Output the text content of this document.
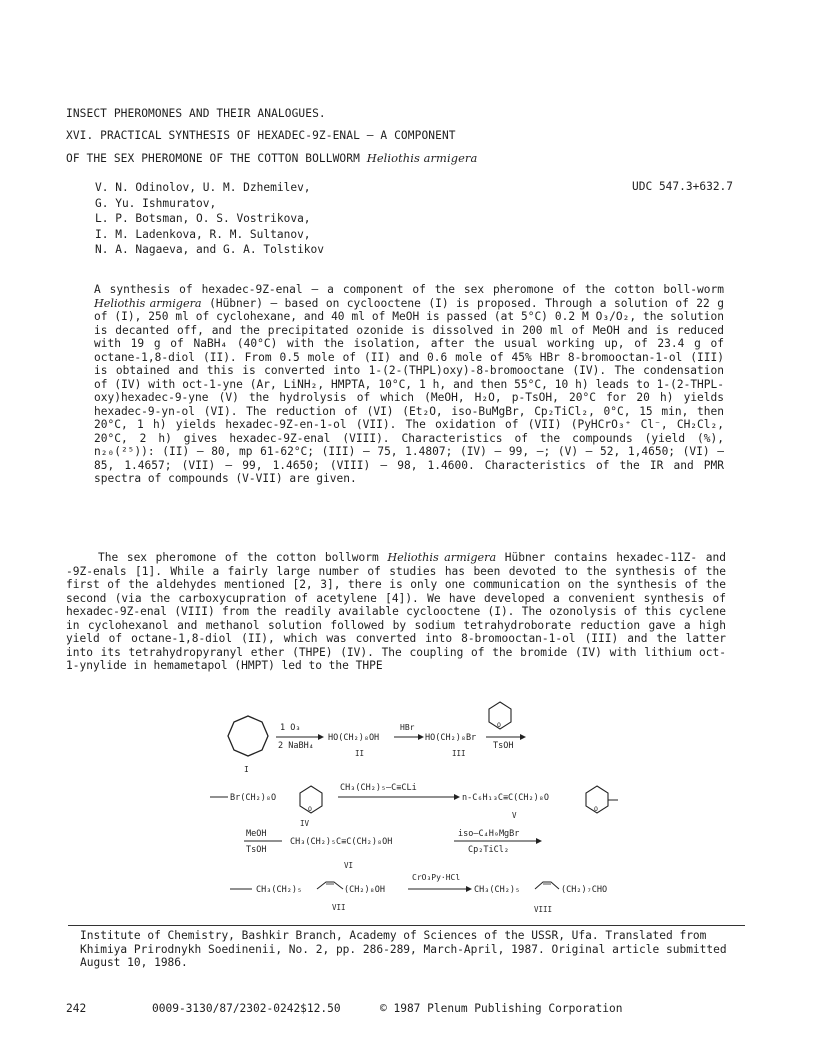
INSECT PHEROMONES AND THEIR ANALOGUES.
XVI. PRACTICAL SYNTHESIS OF HEXADEC-9Z-ENAL — A COMPONENT
OF THE SEX PHEROMONE OF THE COTTON BOLLWORM Heliothis armigera
V. N. Odinolov, U. M. Dzhemilev,
G. Yu. Ishmuratov,
L. P. Botsman, O. S. Vostrikova,
I. M. Ladenkova, R. M. Sultanov,
N. A. Nagaeva, and G. A. Tolstikov
UDC 547.3+632.7
A synthesis of hexadec-9Z-enal — a component of the sex pheromone of the cotton boll-worm Heliothis armigera (Hübner) — based on cyclooctene (I) is proposed. Through a solution of 22 g of (I), 250 ml of cyclohexane, and 40 ml of MeOH is passed (at 5°C) 0.2 M O₃/O₂, the solution is decanted off, and the precipitated ozonide is dissolved in 200 ml of MeOH and is reduced with 19 g of NaBH₄ (40°C) with the isolation, after the usual working up, of 23.4 g of octane-1,8-diol (II). From 0.5 mole of (II) and 0.6 mole of 45% HBr 8-bromooctan-1-ol (III) is obtained and this is converted into 1-(2-(THPL)oxy)-8-bromooctane (IV). The condensation of (IV) with oct-1-yne (Ar, LiNH₂, HMPTA, 10°C, 1 h, and then 55°C, 10 h) leads to 1-(2-THPL-oxy)hexadec-9-yne (V) the hydrolysis of which (MeOH, H₂O, p-TsOH, 20°C for 20 h) yields hexadec-9-yn-ol (VI). The reduction of (VI) (Et₂O, iso-BuMgBr, Cp₂TiCl₂, 0°C, 15 min, then 20°C, 1 h) yields hexadec-9Z-en-1-ol (VII). The oxidation of (VII) (PyHCrO₃⁺ Cl⁻, CH₂Cl₂, 20°C, 2 h) gives hexadec-9Z-enal (VIII). Characteristics of the compounds (yield (%), n₂₀(²⁵)): (II) — 80, mp 61-62°C; (III) — 75, 1.4807; (IV) — 99, –; (V) — 52, 1,4650; (VI) — 85, 1.4657; (VII) — 99, 1.4650; (VIII) — 98, 1.4600. Characteristics of the IR and PMR spectra of compounds (V-VII) are given.
The sex pheromone of the cotton bollworm Heliothis armigera Hübner contains hexadec-11Z- and -9Z-enals [1]. While a fairly large number of studies has been devoted to the synthesis of the first of the aldehydes mentioned [2, 3], there is only one communication on the synthesis of the second (via the carboxycupration of acetylene [4]). We have developed a convenient synthesis of hexadec-9Z-enal (VIII) from the readily available cyclooctene (I). The ozonolysis of this cyclene in cyclohexanol and methanol solution followed by sodium tetrahydroborate reduction gave a high yield of octane-1,8-diol (II), which was converted into 8-bromooctan-1-ol (III) and the latter into its tetrahydropyranyl ether (THPE) (IV). The coupling of the bromide (IV) with lithium oct-1-ynylide in hemametapol (HMPT) led to the THPE
I
1 O₃
2 NaBH₄
HO(CH₂)₈OH
II
HBr
HO(CH₂)₈Br
III
O
TsOH
Br(CH₂)₈O
O
IV
CH₃(CH₂)₅–C≡CLi
n-C₆H₁₃C≡C(CH₂)₈O
O
V
MeOH
TsOH
CH₃(CH₂)₅C≡C(CH₂)₈OH
VI
iso–C₄H₉MgBr
Cp₂TiCl₂
CH₃(CH₂)₅	(CH₂)₈OH
VII
CrO₃Py·HCl
CH₃(CH₂)₅	(CH₂)₇CHO
VIII
Institute of Chemistry, Bashkir Branch, Academy of Sciences of the USSR, Ufa. Translated from Khimiya Prirodnykh Soedinenii, No. 2, pp. 286-289, March-April, 1987. Original article submitted August 10, 1986.
242	0009-3130/87/2302-0242$12.50	© 1987 Plenum Publishing Corporation
